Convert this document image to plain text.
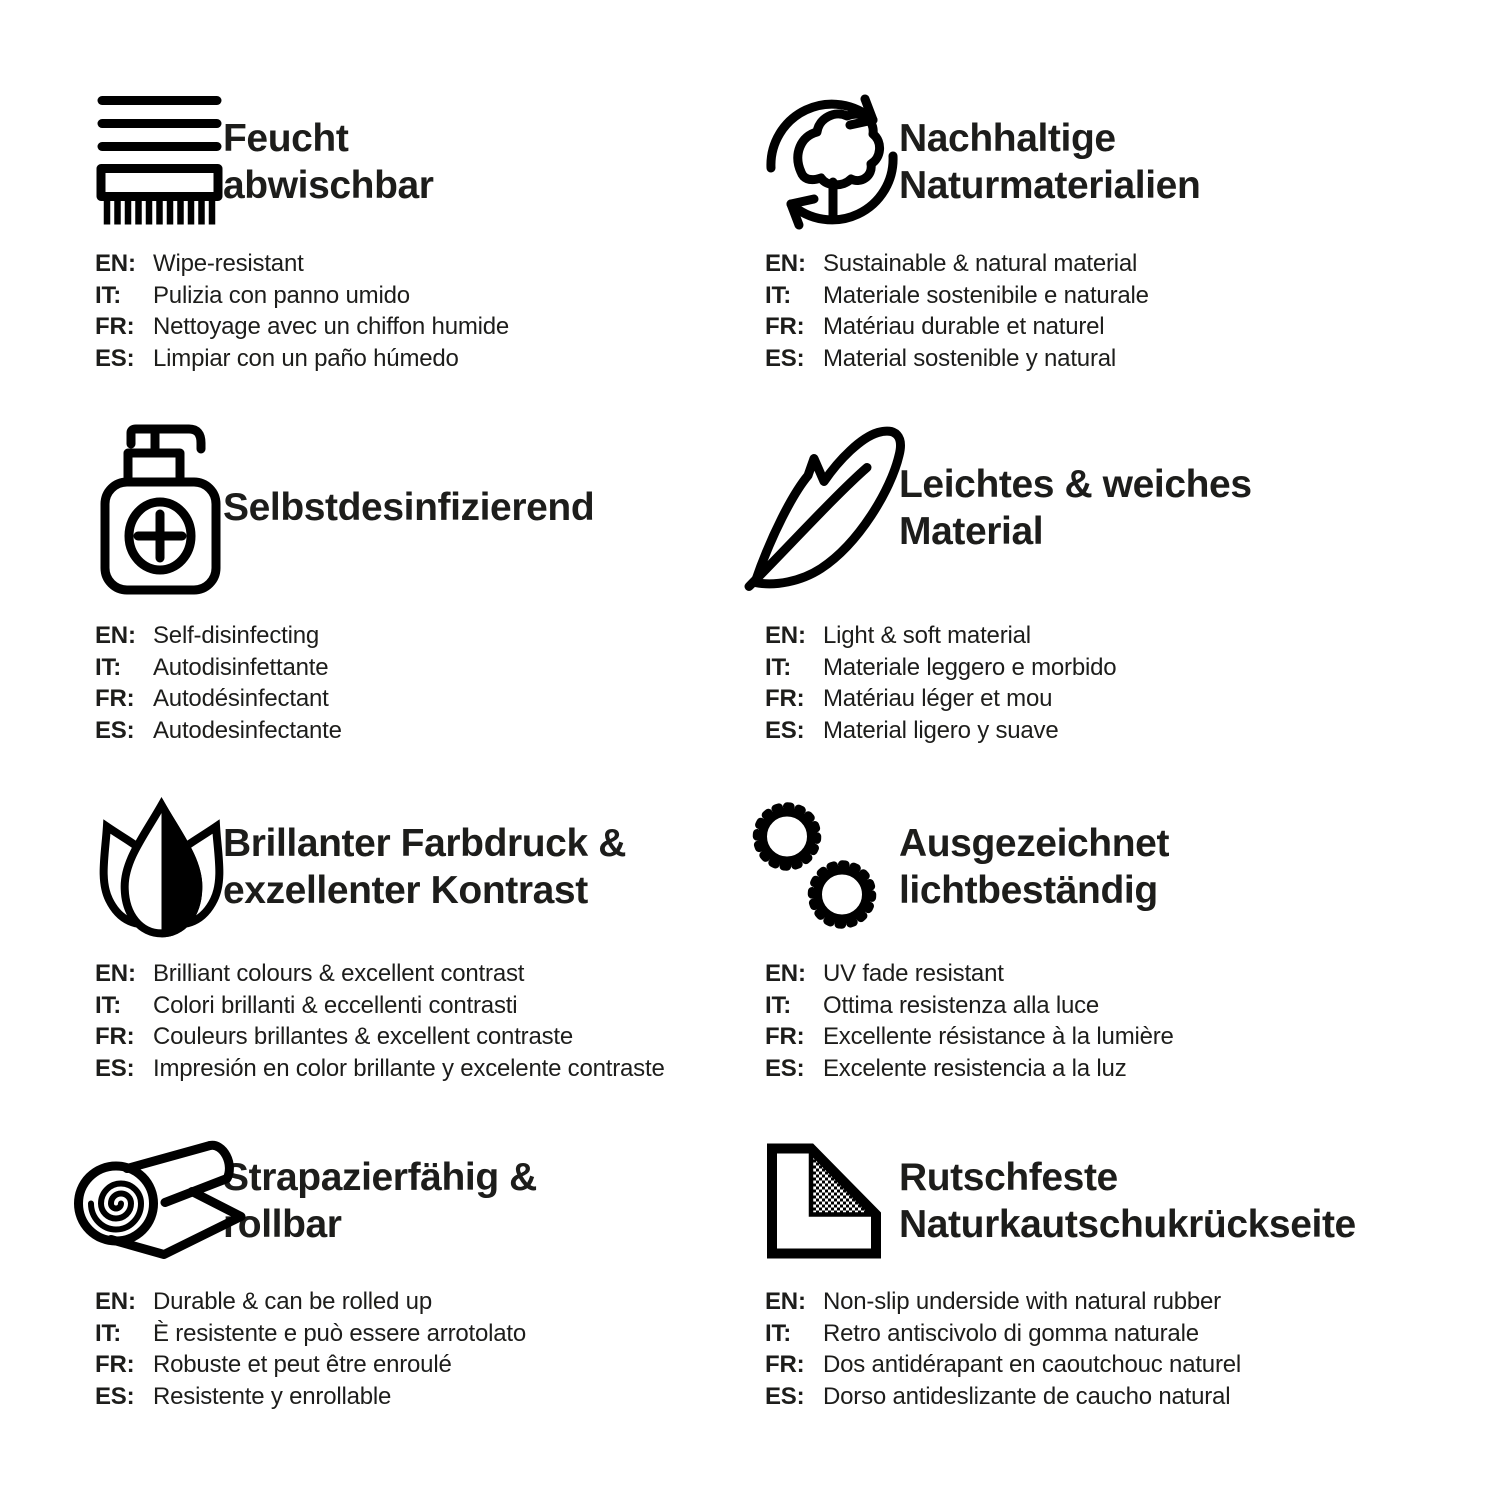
Feucht
abwischbar
EN: Wipe-resistant
IT:	Pulizia con panno umido
FR: Nettoyage avec un chiffon humide
ES: Limpiar con un paño húmedo
Nachhaltige
Naturmaterialien
EN: Sustainable & natural material
IT:	Materiale sostenibile e naturale
FR: Matériau durable et naturel
ES: Material sostenible y natural
Selbstdesinfizierend
EN: Self-disinfecting
IT:	Autodisinfettante
FR: Autodésinfectant
ES: Autodesinfectante
Leichtes & weiches
Material
EN: Light & soft material
IT:	Materiale leggero e morbido
FR: Matériau léger et mou
ES: Material ligero y suave
Brillanter Farbdruck &
exzellenter Kontrast
EN: Brilliant colours & excellent contrast
IT:	Colori brillanti & eccellenti contrasti
FR: Couleurs brillantes & excellent contraste
ES: Impresión en color brillante y excelente contraste
Ausgezeichnet
lichtbeständig
EN: UV fade resistant
IT:	Ottima resistenza alla luce
FR: Excellente résistance à la lumière
ES: Excelente resistencia a la luz
Strapazierfähig &
rollbar
EN: Durable & can be rolled up
IT:	È resistente e può essere arrotolato
FR: Robuste et peut être enroulé
ES: Resistente y enrollable
Rutschfeste
Naturkautschukrückseite
EN: Non-slip underside with natural rubber
IT:	Retro antiscivolo di gomma naturale
FR: Dos antidérapant en caoutchouc naturel
ES: Dorso antideslizante de caucho natural
